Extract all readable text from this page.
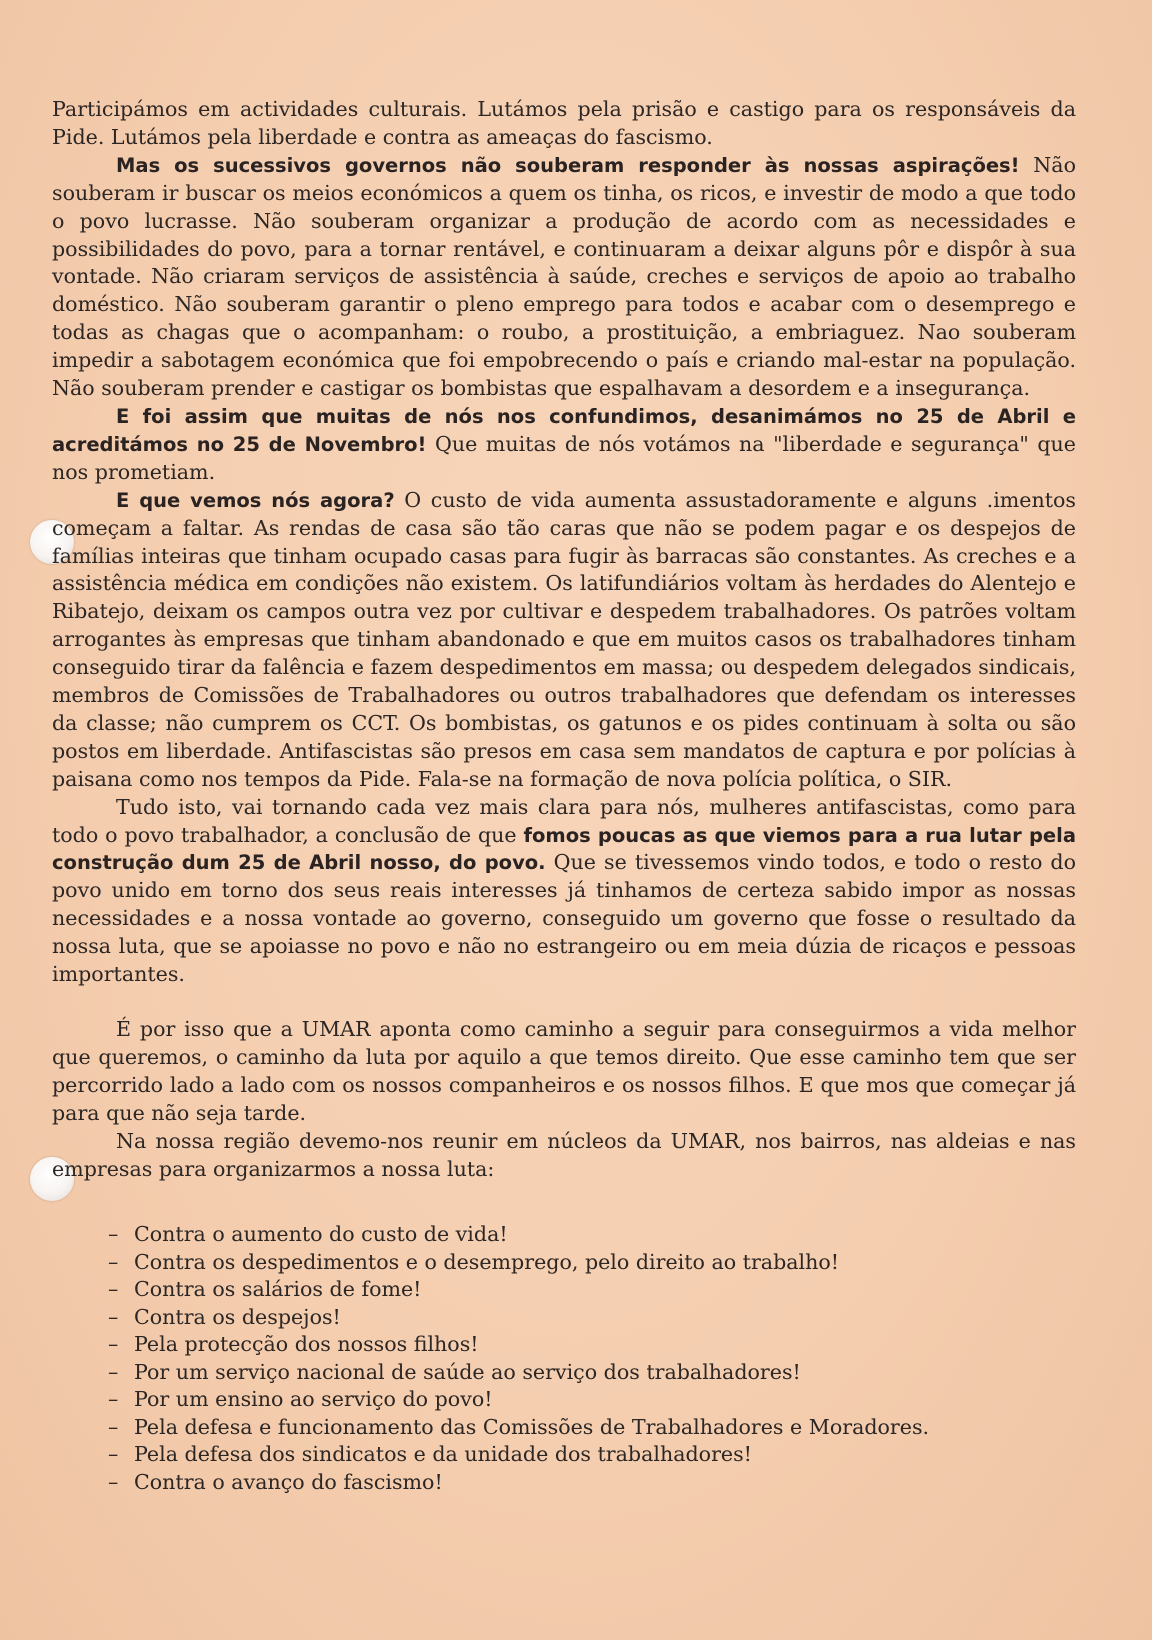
Participámos em actividades culturais. Lutámos pela prisão e castigo para os responsáveis da Pide. Lutámos pela liberdade e contra as ameaças do fascismo.

Mas os sucessivos governos não souberam responder às nossas aspirações! Não souberam ir buscar os meios económicos a quem os tinha, os ricos, e investir de modo a que todo o povo lucrasse. Não souberam organizar a produção de acordo com as necessidades e possibilidades do povo, para a tornar rentável, e continuaram a deixar alguns pôr e dispôr à sua vontade. Não criaram serviços de assistência à saúde, creches e serviços de apoio ao trabalho doméstico. Não souberam garantir o pleno emprego para todos e acabar com o desemprego e todas as chagas que o acompanham: o roubo, a prostituição, a embriaguez. Nao souberam impedir a sabotagem económica que foi empobrecendo o país e criando mal-estar na população. Não souberam prender e castigar os bombistas que espalhavam a desordem e a insegurança.

E foi assim que muitas de nós nos confundimos, desanimámos no 25 de Abril e acreditámos no 25 de Novembro! Que muitas de nós votámos na "liberdade e segurança" que nos prometiam.

E que vemos nós agora? O custo de vida aumenta assustadoramente e alguns .imentos começam a faltar. As rendas de casa são tão caras que não se podem pagar e os despejos de famílias inteiras que tinham ocupado casas para fugir às barracas são constantes. As creches e a assistência médica em condições não existem. Os latifundiários voltam às herdades do Alentejo e Ribatejo, deixam os campos outra vez por cultivar e despedem trabalhadores. Os patrões voltam arrogantes às empresas que tinham abandonado e que em muitos casos os trabalhadores tinham conseguido tirar da falência e fazem despedimentos em massa; ou despedem delegados sindicais, membros de Comissões de Trabalhadores ou outros trabalhadores que defendam os interesses da classe; não cumprem os CCT. Os bombistas, os gatunos e os pides continuam à solta ou são postos em liberdade. Antifascistas são presos em casa sem mandatos de captura e por polícias à paisana como nos tempos da Pide. Fala-se na formação de nova polícia política, o SIR.

Tudo isto, vai tornando cada vez mais clara para nós, mulheres antifascistas, como para todo o povo trabalhador, a conclusão de que fomos poucas as que viemos para a rua lutar pela construção dum 25 de Abril nosso, do povo. Que se tivessemos vindo todos, e todo o resto do povo unido em torno dos seus reais interesses já tinhamos de certeza sabido impor as nossas necessidades e a nossa vontade ao governo, conseguido um governo que fosse o resultado da nossa luta, que se apoiasse no povo e não no estrangeiro ou em meia dúzia de ricaços e pessoas importantes.

É por isso que a UMAR aponta como caminho a seguir para conseguirmos a vida melhor que queremos, o caminho da luta por aquilo a que temos direito. Que esse caminho tem que ser percorrido lado a lado com os nossos companheiros e os nossos filhos. E que mos que começar já para que não seja tarde.

Na nossa região devemo-nos reunir em núcleos da UMAR, nos bairros, nas aldeias e nas empresas para organizarmos a nossa luta:

– Contra o aumento do custo de vida!
– Contra os despedimentos e o desemprego, pelo direito ao trabalho!
– Contra os salários de fome!
– Contra os despejos!
– Pela protecção dos nossos filhos!
– Por um serviço nacional de saúde ao serviço dos trabalhadores!
– Por um ensino ao serviço do povo!
– Pela defesa e funcionamento das Comissões de Trabalhadores e Moradores.
– Pela defesa dos sindicatos e da unidade dos trabalhadores!
– Contra o avanço do fascismo!
